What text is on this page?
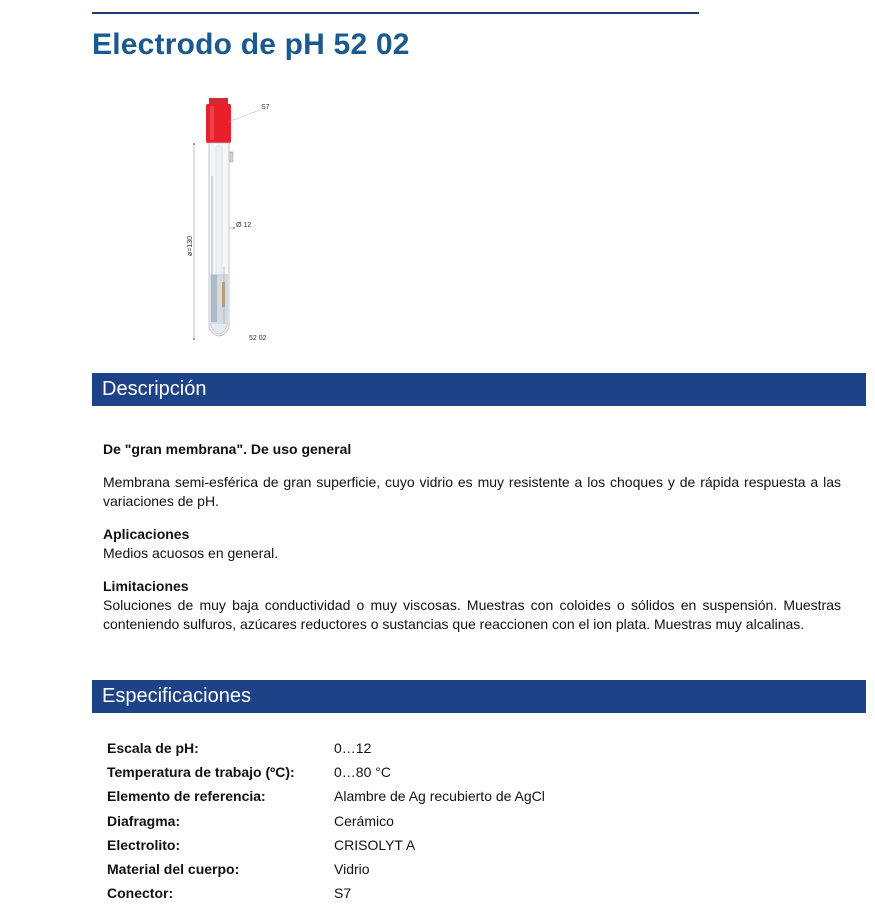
Electrodo de pH 52 02
ø=130
S7
Ø 12
52 02
Descripción

De "gran membrana". De uso general

Membrana semi-esférica de gran superficie, cuyo vidrio es muy resistente a los choques y de rápida respuesta a las variaciones de pH.

Aplicaciones

Medios acuosos en general.

Limitaciones

Soluciones de muy baja conductividad o muy viscosas. Muestras con coloides o sólidos en suspensión. Muestras conteniendo sulfuros, azúcares reductores o sustancias que reaccionen con el ion plata. Muestras muy alcalinas.

Especificaciones
Escala de pH:	0…12
Temperatura de trabajo (ºC):	0…80 °C
Elemento de referencia:	Alambre de Ag recubierto de AgCl
Diafragma:	Cerámico
Electrolito:	CRISOLYT A
Material del cuerpo:	Vidrio
Conector:	S7
